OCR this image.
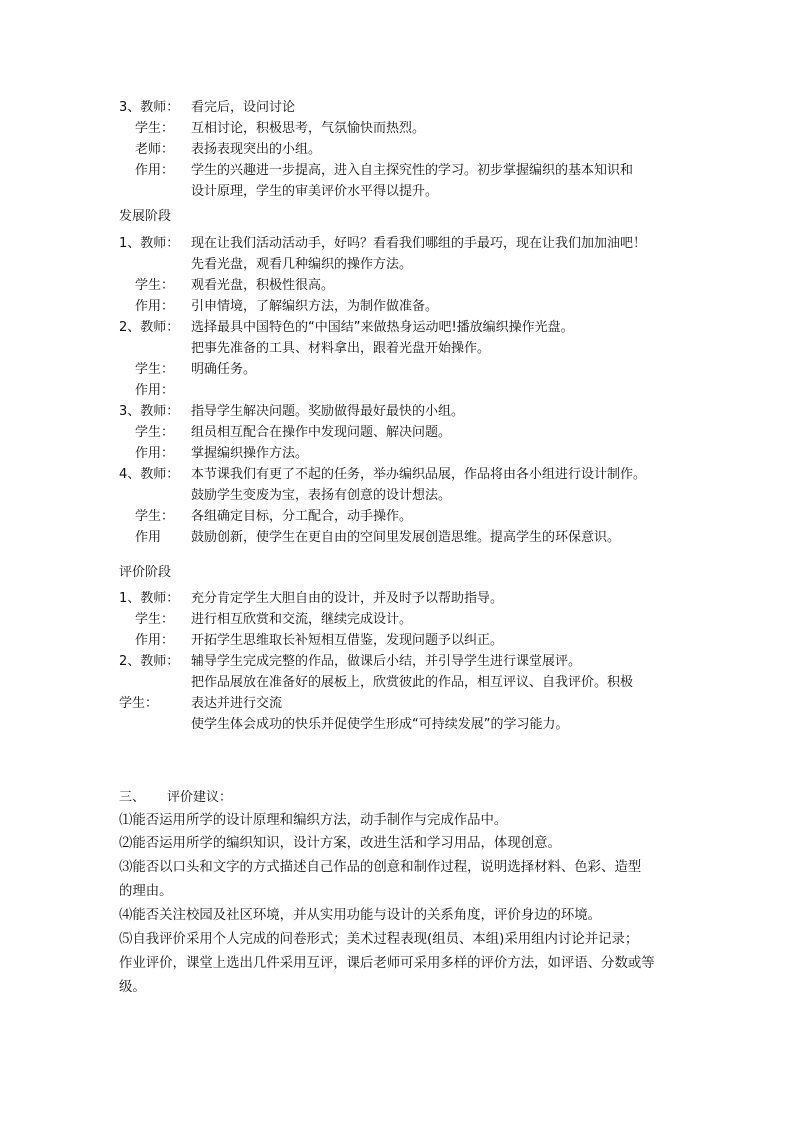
3、教师： 看完后，设问讨论
学生： 互相讨论，积极思考，气氛愉快而热烈。
老师： 表扬表现突出的小组。
作用： 学生的兴趣进一步提高，进入自主探究性的学习。初步掌握编织的基本知识和
设计原理，学生的审美评价水平得以提升。
发展阶段
1、教师： 现在让我们活动活动手，好吗？看看我们哪组的手最巧，现在让我们加加油吧！
先看光盘，观看几种编织的操作方法。
学生： 观看光盘，积极性很高。
作用： 引申情境，了解编织方法，为制作做准备。
2、教师： 选择最具中国特色的“中国结”来做热身运动吧!播放编织操作光盘。
把事先准备的工具、材料拿出，跟着光盘开始操作。
学生： 明确任务。
作用：
3、教师： 指导学生解决问题。奖励做得最好最快的小组。
学生： 组员相互配合在操作中发现问题、解决问题。
作用： 掌握编织操作方法。
4、教师： 本节课我们有更了不起的任务，举办编织品展，作品将由各小组进行设计制作。
鼓励学生变废为宝，表扬有创意的设计想法。
学生： 各组确定目标，分工配合，动手操作。
作用 鼓励创新，使学生在更自由的空间里发展创造思维。提高学生的环保意识。
评价阶段
1、教师： 充分肯定学生大胆自由的设计，并及时予以帮助指导。
学生： 进行相互欣赏和交流，继续完成设计。
作用： 开拓学生思维取长补短相互借鉴，发现问题予以纠正。
2、教师： 辅导学生完成完整的作品，做课后小结，并引导学生进行课堂展评。
把作品展放在准备好的展板上，欣赏彼此的作品，相互评议、自我评价。积极
学生：	表达并进行交流
使学生体会成功的快乐并促使学生形成“可持续发展”的学习能力。
三、 评价建议：
⑴能否运用所学的设计原理和编织方法，动手制作与完成作品中。
⑵能否运用所学的编织知识，设计方案，改进生活和学习用品，体现创意。
⑶能否以口头和文字的方式描述自己作品的创意和制作过程，说明选择材料、色彩、造型
的理由。
⑷能否关注校园及社区环境，并从实用功能与设计的关系角度，评价身边的环境。
⑸自我评价采用个人完成的问卷形式；美术过程表现(组员、本组)采用组内讨论并记录；
作业评价，课堂上选出几件采用互评，课后老师可采用多样的评价方法，如评语、分数或等
级。
